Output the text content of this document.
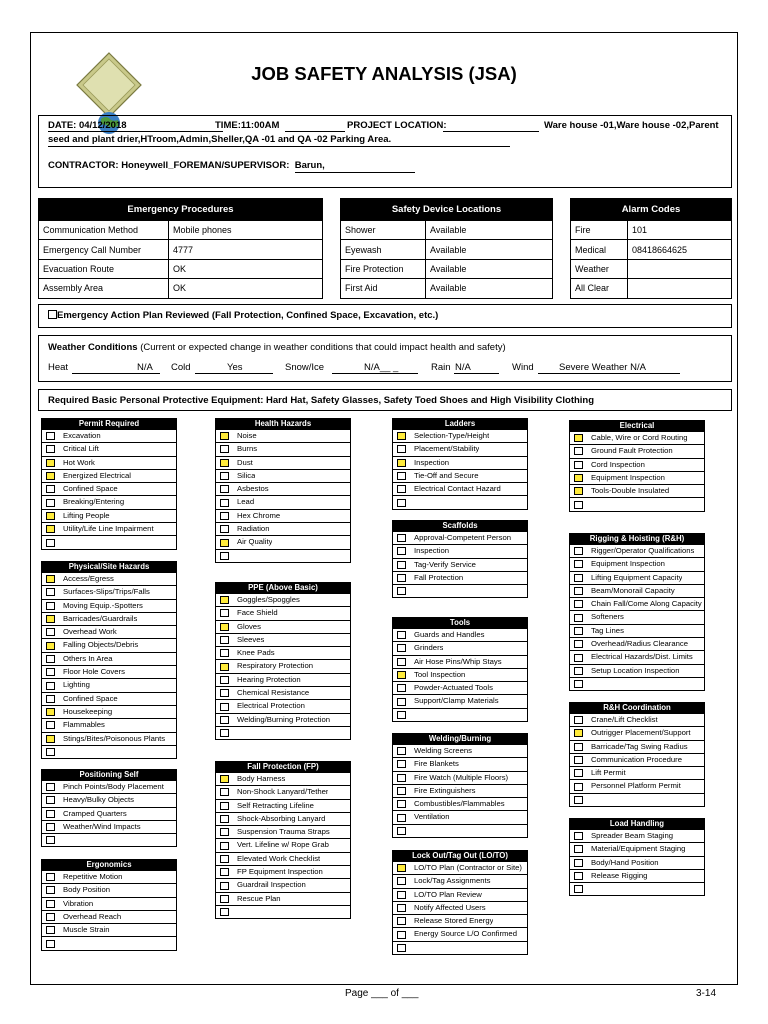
JOB SAFETY ANALYSIS (JSA)
DATE: 04/12/2018	TIME:11:00AM	PROJECT LOCATION:	Ware house -01,Ware house -02,Parent
seed and plant drier,HTroom,Admin,Sheller,QA -01 and QA -02 Parking Area.
CONTRACTOR: Honeywell_FOREMAN/SUPERVISOR: Barun,
Emergency Procedures	
Communication Method	Mobile phones
Emergency Call Number	4777
Evacuation Route	OK
Assembly Area	OK
Safety Device Locations	
Shower	Available
Eyewash	Available
Fire Protection	Available
First Aid	Available
Alarm Codes	
Fire	101
Medical	08418664625
Weather	
All Clear	
Emergency Action Plan Reviewed (Fall Protection, Confined Space, Excavation, etc.)
Weather Conditions (Current or expected change in weather conditions that could impact health and safety)
Heat	N/A Cold	Yes	Snow/Ice	N/A__ _	Rain N/A	Wind	Severe Weather N/A
Required Basic Personal Protective Equipment: Hard Hat, Safety Glasses, Safety Toed Shoes and High Visibility Clothing
Permit Required
Excavation
Critical Lift
Hot Work
Energized Electrical
Confined Space
Breaking/Entering
Lifting People
Utility/Life Line Impairment
Physical/Site Hazards
Access/Egress
Surfaces-Slips/Trips/Falls
Moving Equip.-Spotters
Barricades/Guardrails
Overhead Work
Falling Objects/Debris
Others In Area
Floor Hole Covers
Lighting
Confined Space
Housekeeping
Flammables
Stings/Bites/Poisonous Plants
Positioning Self
Pinch Points/Body Placement
Heavy/Bulky Objects
Cramped Quarters
Weather/Wind Impacts
Ergonomics
Repetitive Motion
Body Position
Vibration
Overhead Reach
Muscle Strain
Health Hazards
Noise
Burns
Dust
Silica
Asbestos
Lead
Hex Chrome
Radiation
Air Quality
PPE (Above Basic)
Goggles/Spoggles
Face Shield
Gloves
Sleeves
Knee Pads
Respiratory Protection
Hearing Protection
Chemical Resistance
Electrical Protection
Welding/Burning Protection
Fall Protection (FP)
Body Harness
Non-Shock Lanyard/Tether
Self Retracting Lifeline
Shock-Absorbing Lanyard
Suspension Trauma Straps
Vert. Lifeline w/ Rope Grab
Elevated Work Checklist
FP Equipment Inspection
Guardrail Inspection
Rescue Plan
Ladders
Selection-Type/Height
Placement/Stability
Inspection
Tie-Off and Secure
Electrical Contact Hazard
Scaffolds
Approval-Competent Person
Inspection
Tag-Verify Service
Fall Protection
Tools
Guards and Handles
Grinders
Air Hose Pins/Whip Stays
Tool Inspection
Powder-Actuated Tools
Support/Clamp Materials
Welding/Burning
Welding Screens
Fire Blankets
Fire Watch (Multiple Floors)
Fire Extinguishers
Combustibles/Flammables
Ventilation
Lock Out/Tag Out (LO/TO)
LO/TO Plan (Contractor or Site)
Lock/Tag Assignments
LO/TO Plan Review
Notify Affected Users
Release Stored Energy
Energy Source L/O Confirmed
Electrical
Cable, Wire or Cord Routing
Ground Fault Protection
Cord Inspection
Equipment Inspection
Tools-Double Insulated
Rigging & Hoisting (R&H)
Rigger/Operator Qualifications
Equipment Inspection
Lifting Equipment Capacity
Beam/Monorail Capacity
Chain Fall/Come Along Capacity
Softeners
Tag Lines
Overhead/Radius Clearance
Electrical Hazards/Dist. Limits
Setup Location Inspection
R&H Coordination
Crane/Lift Checklist
Outrigger Placement/Support
Barricade/Tag Swing Radius
Communication Procedure
Lift Permit
Personnel Platform Permit
Load Handling
Spreader Beam Staging
Material/Equipment Staging
Body/Hand Position
Release Rigging
Page ___ of ___	3-14
